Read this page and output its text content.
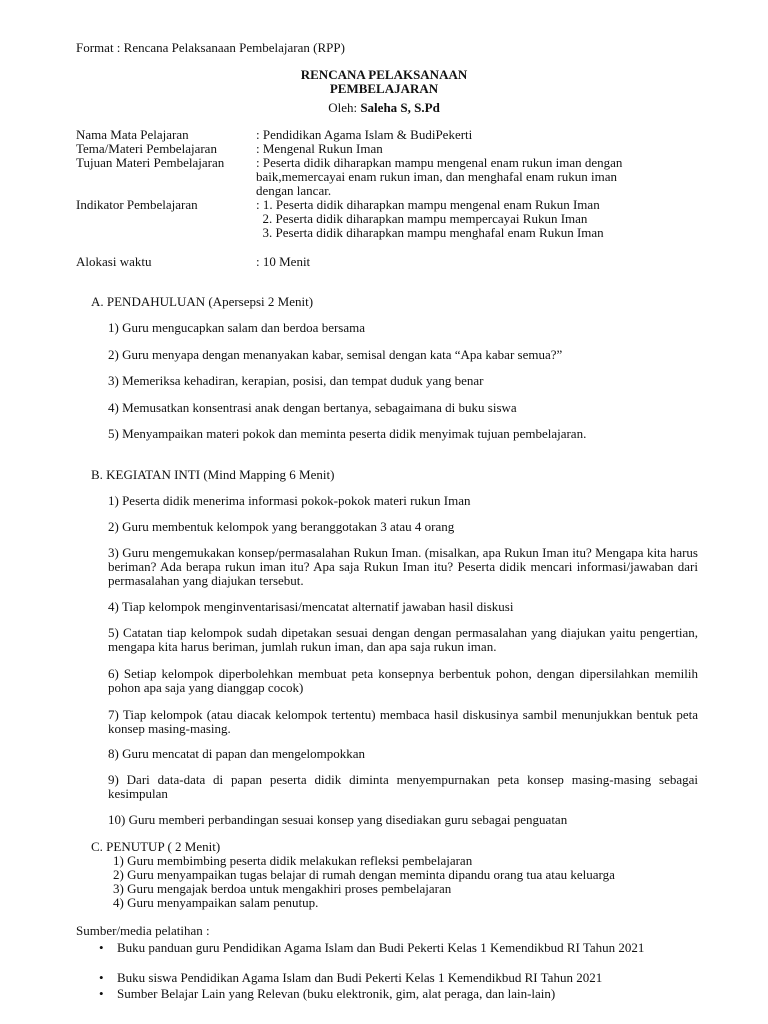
Format : Rencana Pelaksanaan Pembelajaran (RPP)
RENCANA PELAKSANAAN
PEMBELAJARAN
Oleh: Saleha S, S.Pd
Nama Mata Pelajaran	: Pendidikan Agama Islam & BudiPekerti
Tema/Materi Pembelajaran	: Mengenal Rukun Iman
Tujuan Materi Pembelajaran : Peserta didik diharapkan mampu mengenal enam rukun iman dengan
baik,memercayai enam rukun iman, dan menghafal enam rukun iman
dengan lancar.
Indikator Pembelajaran	: 1. Peserta didik diharapkan mampu mengenal enam Rukun Iman
2. Peserta didik diharapkan mampu mempercayai Rukun Iman
3. Peserta didik diharapkan mampu menghafal enam Rukun Iman
Alokasi waktu	: 10 Menit
A. PENDAHULUAN (Apersepsi 2 Menit)
1) Guru mengucapkan salam dan berdoa bersama
2) Guru menyapa dengan menanyakan kabar, semisal dengan kata “Apa kabar semua?”
3) Memeriksa kehadiran, kerapian, posisi, dan tempat duduk yang benar
4) Memusatkan konsentrasi anak dengan bertanya, sebagaimana di buku siswa
5) Menyampaikan materi pokok dan meminta peserta didik menyimak tujuan pembelajaran.
B. KEGIATAN INTI (Mind Mapping 6 Menit)
1) Peserta didik menerima informasi pokok-pokok materi rukun Iman
2) Guru membentuk kelompok yang beranggotakan 3 atau 4 orang
3) Guru mengemukakan konsep/permasalahan Rukun Iman. (misalkan, apa Rukun Iman itu? Mengapa kita harus beriman? Ada berapa rukun iman itu? Apa saja Rukun Iman itu? Peserta didik mencari informasi/jawaban dari permasalahan yang diajukan tersebut.
4) Tiap kelompok menginventarisasi/mencatat alternatif jawaban hasil diskusi
5) Catatan tiap kelompok sudah dipetakan sesuai dengan dengan permasalahan yang diajukan yaitu pengertian, mengapa kita harus beriman, jumlah rukun iman, dan apa saja rukun iman.
6) Setiap kelompok diperbolehkan membuat peta konsepnya berbentuk pohon, dengan dipersilahkan memilih pohon apa saja yang dianggap cocok)
7) Tiap kelompok (atau diacak kelompok tertentu) membaca hasil diskusinya sambil menunjukkan bentuk peta konsep masing-masing.
8) Guru mencatat di papan dan mengelompokkan
9) Dari data-data di papan peserta didik diminta menyempurnakan peta konsep masing-masing sebagai kesimpulan
10) Guru memberi perbandingan sesuai konsep yang disediakan guru sebagai penguatan
C. PENUTUP ( 2 Menit)
1) Guru membimbing peserta didik melakukan refleksi pembelajaran
2) Guru menyampaikan tugas belajar di rumah dengan meminta dipandu orang tua atau keluarga
3) Guru mengajak berdoa untuk mengakhiri proses pembelajaran
4) Guru menyampaikan salam penutup.
Sumber/media pelatihan :
• Buku panduan guru Pendidikan Agama Islam dan Budi Pekerti Kelas 1 Kemendikbud RI Tahun 2021
• Buku siswa Pendidikan Agama Islam dan Budi Pekerti Kelas 1 Kemendikbud RI Tahun 2021
• Sumber Belajar Lain yang Relevan (buku elektronik, gim, alat peraga, dan lain-lain)
